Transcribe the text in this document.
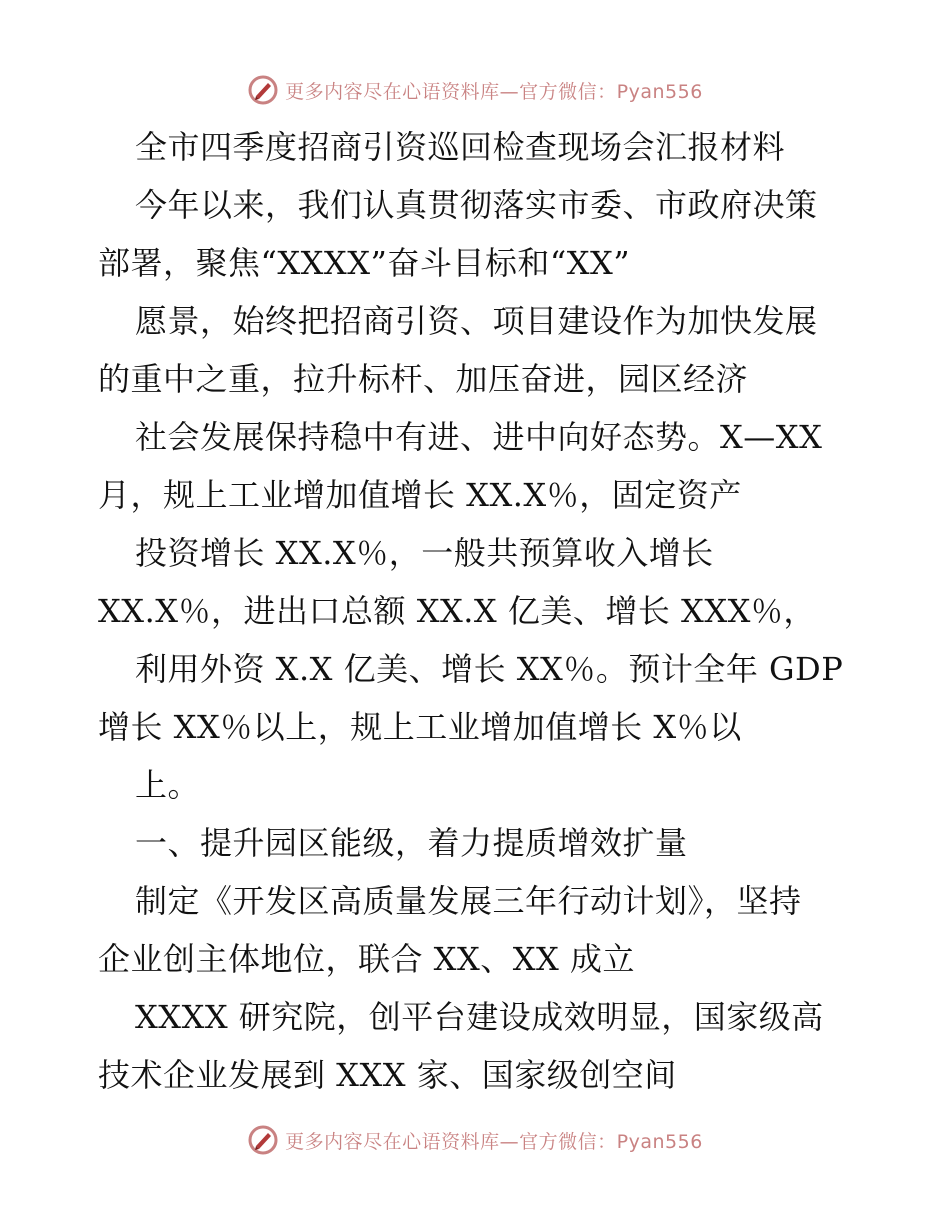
更多内容尽在心语资料库—官方微信：Pyan556
全市四季度招商引资巡回检查现场会汇报材料
今年以来，我们认真贯彻落实市委、市政府决策
部署，聚焦“XXXX”奋斗目标和“XX”
愿景，始终把招商引资、项目建设作为加快发展
的重中之重，拉升标杆、加压奋进，园区经济
社会发展保持稳中有进、进中向好态势。X—XX
月，规上工业增加值增长 XX.X％，固定资产
投资增长 XX.X％，一般共预算收入增长
XX.X％，进出口总额 XX.X 亿美、增长 XXX％，
利用外资 X.X 亿美、增长 XX％。预计全年 GDP
增长 XX％以上，规上工业增加值增长 X％以
上。
一、提升园区能级，着力提质增效扩量
制定《开发区高质量发展三年行动计划》，坚持
企业创主体地位，联合 XX、XX 成立
XXXX 研究院，创平台建设成效明显，国家级高
技术企业发展到 XXX 家、国家级创空间
更多内容尽在心语资料库—官方微信：Pyan556
